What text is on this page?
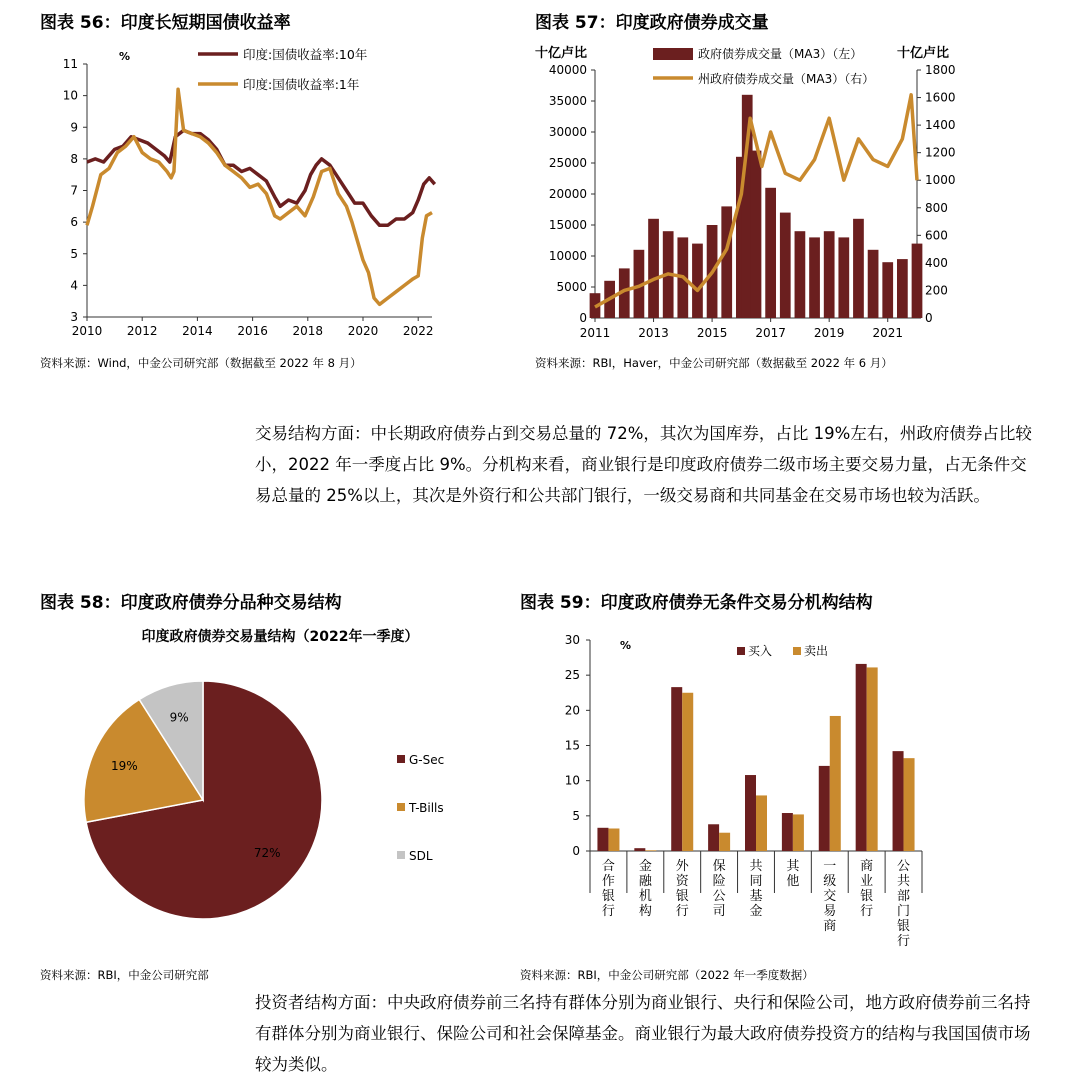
图表 56：印度长短期国债收益率
3
4
5
6
7
8
9
10
11
2010 2012 2014 2016 2018 2020 2022
%	印度:国债收益率:10年
印度:国债收益率:1年
资料来源：Wind，中金公司研究部（数据截至 2022 年 8 月）
图表 57：印度政府债券成交量
0
5000
10000
15000
20000
25000
30000
35000
40000
0
200
400
600
800
1000
1200
1400
1600
1800
2011 2013 2015 2017 2019 2021
十亿卢比	十亿卢比
政府债券成交量（MA3）（左）
州政府债券成交量（MA3）（右）
资料来源：RBI，Haver，中金公司研究部（数据截至 2022 年 6 月）
交易结构方面：中长期政府债券占到交易总量的 72%，其次为国库券，占比 19%左右，州政府债券占比较小，2022 年一季度占比 9%。分机构来看，商业银行是印度政府债券二级市场主要交易力量，占无条件交易总量的 25%以上，其次是外资行和公共部门银行，一级交易商和共同基金在交易市场也较为活跃。
图表 58：印度政府债券分品种交易结构
印度政府债券交易量结构（2022年一季度）
72%
G-Sec
19%
T-Bills
9%
SDL
资料来源：RBI，中金公司研究部
图表 59：印度政府债券无条件交易分机构结构
0
5
10
15
20
25
30	%
合
作
银
行
金
融
机
构
外
资
银
行
保
险
公
司
共
同
基
金
其
他
一
级
交
易
商
商
业
银
行
公
共
部
门
银
行
买入	卖出
资料来源：RBI，中金公司研究部（2022 年一季度数据）
投资者结构方面：中央政府债券前三名持有群体分别为商业银行、央行和保险公司，地方政府债券前三名持有群体分别为商业银行、保险公司和社会保障基金。商业银行为最大政府债券投资方的结构与我国国债市场较为类似。
